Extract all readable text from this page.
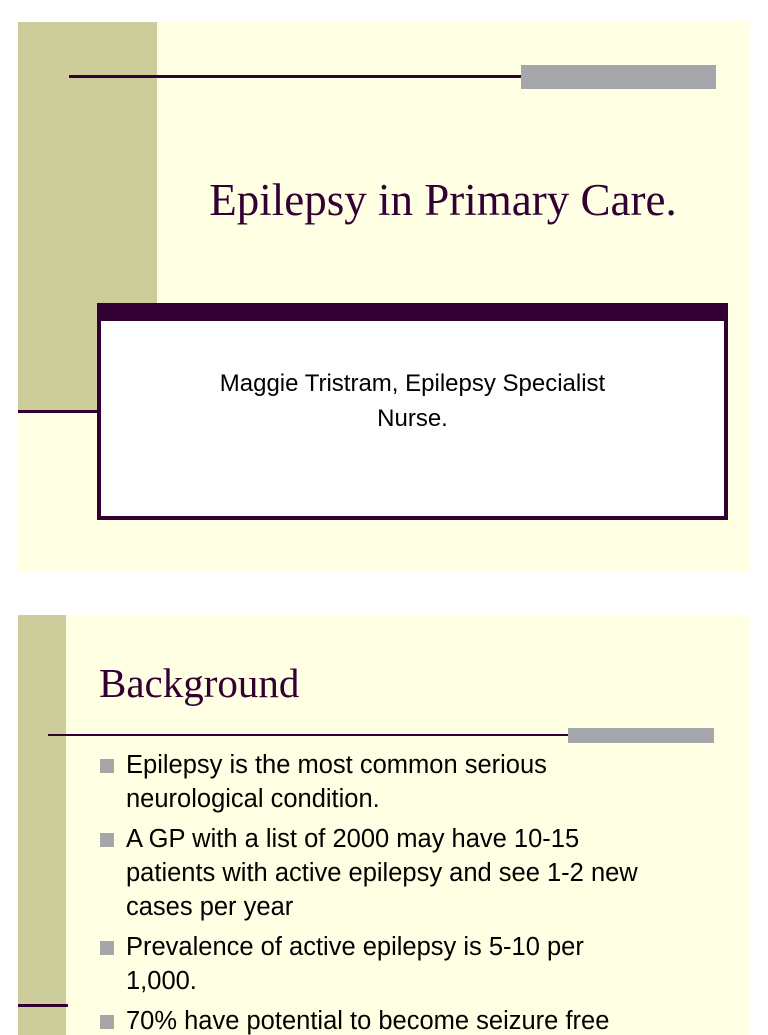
Epilepsy in Primary Care.
Maggie Tristram, Epilepsy Specialist
Nurse.
Background
Epilepsy is the most common serious
neurological condition.
A GP with a list of 2000 may have 10-15
patients with active epilepsy and see 1-2 new
cases per year
Prevalence of active epilepsy is 5-10 per
1,000.
70% have potential to become seizure free
